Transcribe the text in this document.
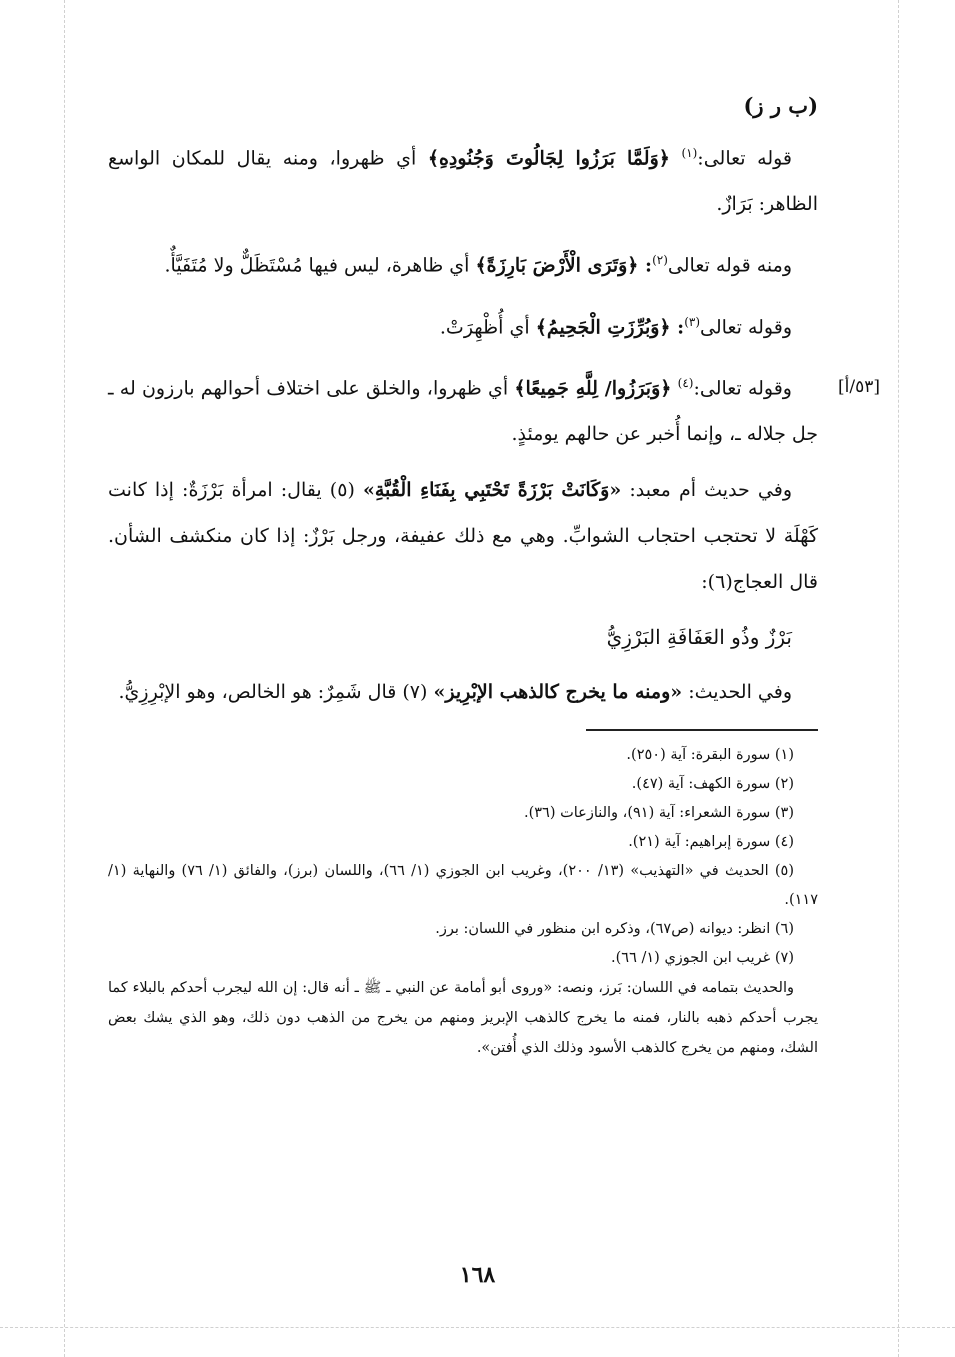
(ب ر ز)

قوله تعالى:$^{(١)}$ ﴿وَلَمَّا بَرَزُوا لِجَالُوتَ وَجُنُودِهِ﴾ أي ظهروا، ومنه يقال للمكان الواسع الظاهر: بَرَازٌ.

ومنه قوله تعالى$^{(٢)}$: ﴿وَتَرَى الْأَرْضَ بَارِزَةً﴾ أي ظاهرة، ليس فيها مُسْتَظَلٌّ ولا مُتَفَيَّأٌ.

وقوله تعالى$^{(٣)}$: ﴿وَبُرِّزَتِ الْجَحِيمُ﴾ أي أُظْهِرَتْ.

[٥٣/أ]
وقوله تعالى:$^{(٤)}$ ﴿وَبَرَزُوا/ لِلَّهِ جَمِيعًا﴾ أي ظهروا، والخلق على اختلاف أحوالهم بارزون له ـ جل جلاله ـ، وإنما أُخبر عن حالهم يومئذٍ.

وفي حديث أم معبد: «وَكَانَتْ بَرْزَةً تَحْتَبِي بِفَنَاءِ الْقُبَّةِ» (٥) يقال: امرأة بَرْزَةٌ: إذا كانت كَهْلَة لا تحتجب احتجاب الشوابِّ. وهي مع ذلك عفيفة، ورجل بَرْزٌ: إذا كان منكشف الشأن. قال العجاج(٦):

بَرْزٌ وذُو العَفَافَةِ البَرْزِيُّ

وفي الحديث: «ومنه ما يخرج كالذهب الإبْرِيز» (٧) قال شَمِرٌ: هو الخالص، وهو الإبْرِزِيُّ.

(١) سورة البقرة: آية (٢٥٠).

(٢) سورة الكهف: آية (٤٧).

(٣) سورة الشعراء: آية (٩١)، والنازعات (٣٦).

(٤) سورة إبراهيم: آية (٢١).

(٥) الحديث في «التهذيب» (١٣/ ٢٠٠)، وغريب ابن الجوزي (١/ ٦٦)، واللسان (برز)، والفائق (١/ ٧٦) والنهاية (١/ ١١٧).

(٦) انظر: ديوانه (ص٦٧)، وذكره ابن منظور في اللسان: برز.

(٧) غريب ابن الجوزي (١/ ٦٦).

والحديث بتمامه في اللسان: بَرز، ونصه: «وروى أبو أمامة عن النبي ـ ﷺ ـ أنه قال: إن الله ليجرب أحدكم بالبلاء كما يجرب أحدكم ذهبه بالنار، فمنه ما يخرج كالذهب الإبريز ومنهم من يخرج من الذهب دون ذلك، وهو الذي يشك بعض الشك، ومنهم من يخرج كالذهب الأسود وذلك الذي أُفتن».

١٦٨
